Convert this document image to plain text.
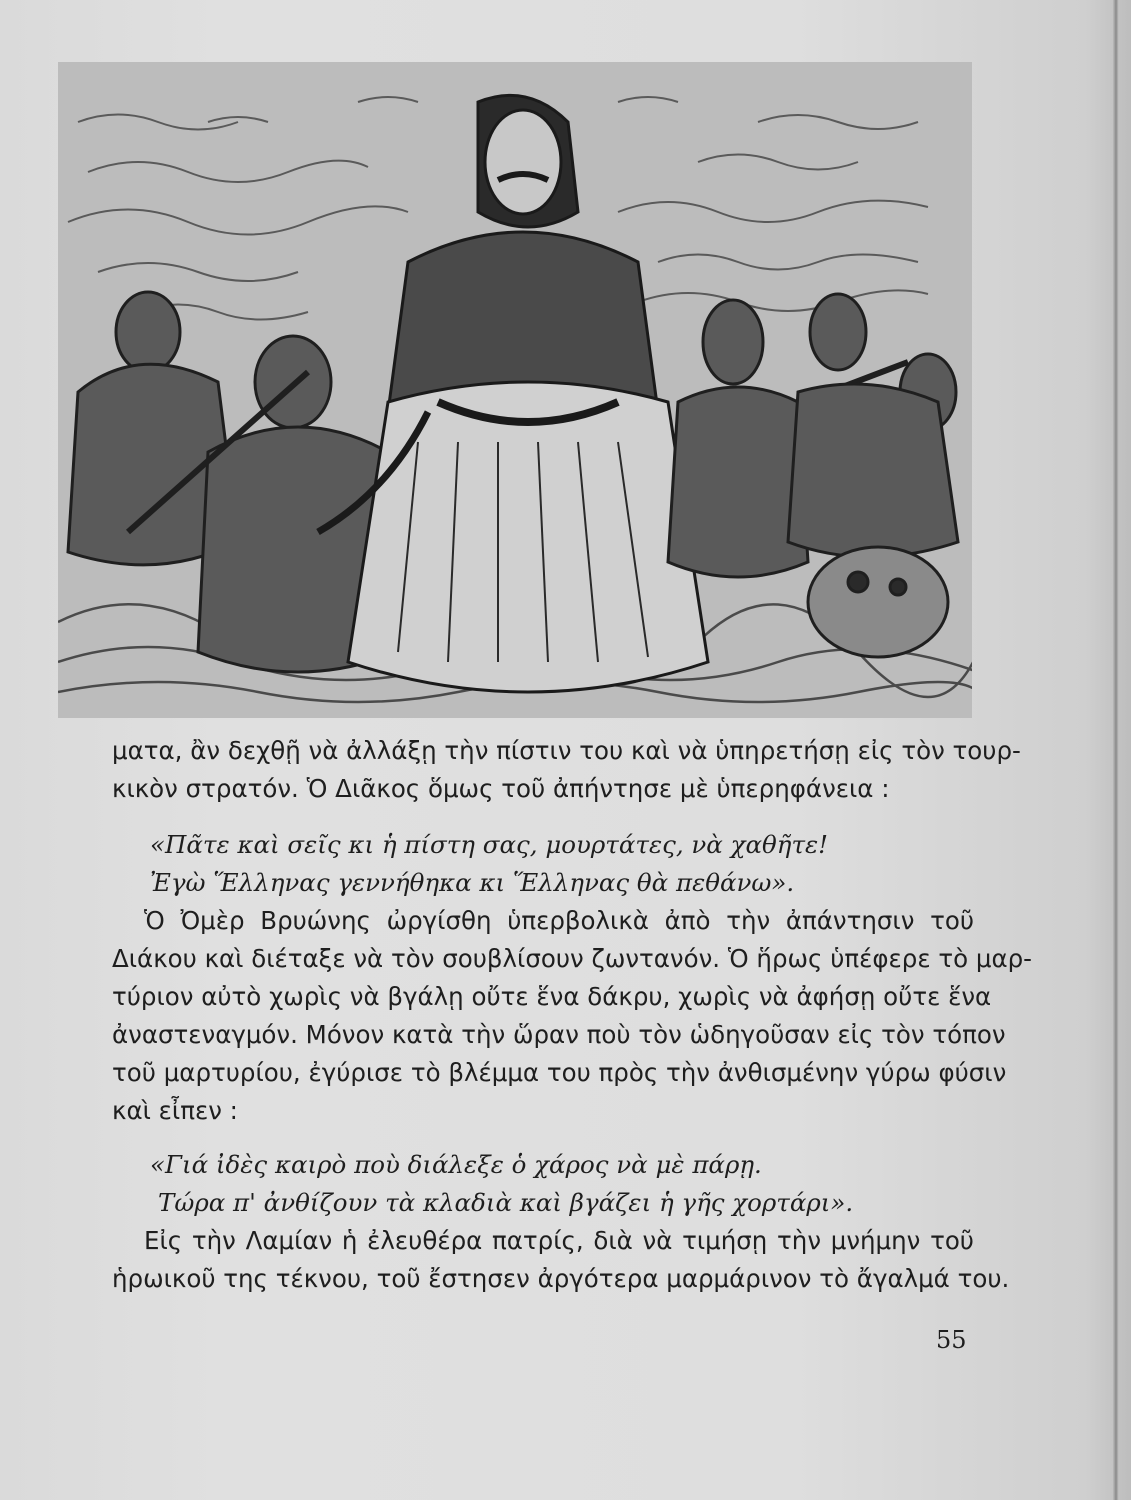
ματα, ἂν δεχθῇ νὰ ἀλλάξῃ τὴν πίστιν του καὶ νὰ ὑπηρετήσῃ εἰς τὸν τουρ-
κικὸν στρατόν. Ὁ Διᾶκος ὅμως τοῦ ἀπήντησε μὲ ὑπερηφάνεια :

«Πᾶτε καὶ σεῖς κι ἡ πίστη σας, μουρτάτες, νὰ χαθῆτε!
Ἐγὼ Ἕλληνας γεννήθηκα κι Ἕλληνας θὰ πεθάνω».

Ὁ Ὀμὲρ Βρυώνης ὠργίσθη ὑπερβολικὰ ἀπὸ τὴν ἀπάντησιν τοῦ
Διάκου καὶ διέταξε νὰ τὸν σουβλίσουν ζωντανόν. Ὁ ἥρως ὑπέφερε τὸ μαρ-
τύριον αὐτὸ χωρὶς νὰ βγάλῃ οὔτε ἕνα δάκρυ, χωρὶς νὰ ἀφήσῃ οὔτε ἕνα
ἀναστεναγμόν. Μόνον κατὰ τὴν ὥραν ποὺ τὸν ὡδηγοῦσαν εἰς τὸν τόπον
τοῦ μαρτυρίου, ἐγύρισε τὸ βλέμμα του πρὸς τὴν ἀνθισμένην γύρω φύσιν
καὶ εἶπεν :

«Γιά ἰδὲς καιρὸ ποὺ διάλεξε ὁ χάρος νὰ μὲ πάρῃ.
Τώρα π' ἀνθίζουν τὰ κλαδιὰ καὶ βγάζει ἡ γῆς χορτάρι».

Εἰς τὴν Λαμίαν ἡ ἐλευθέρα πατρίς, διὰ νὰ τιμήσῃ τὴν μνήμην τοῦ
ἡρωικοῦ της τέκνου, τοῦ ἔστησεν ἀργότερα μαρμάρινον τὸ ἄγαλμά του.

55
